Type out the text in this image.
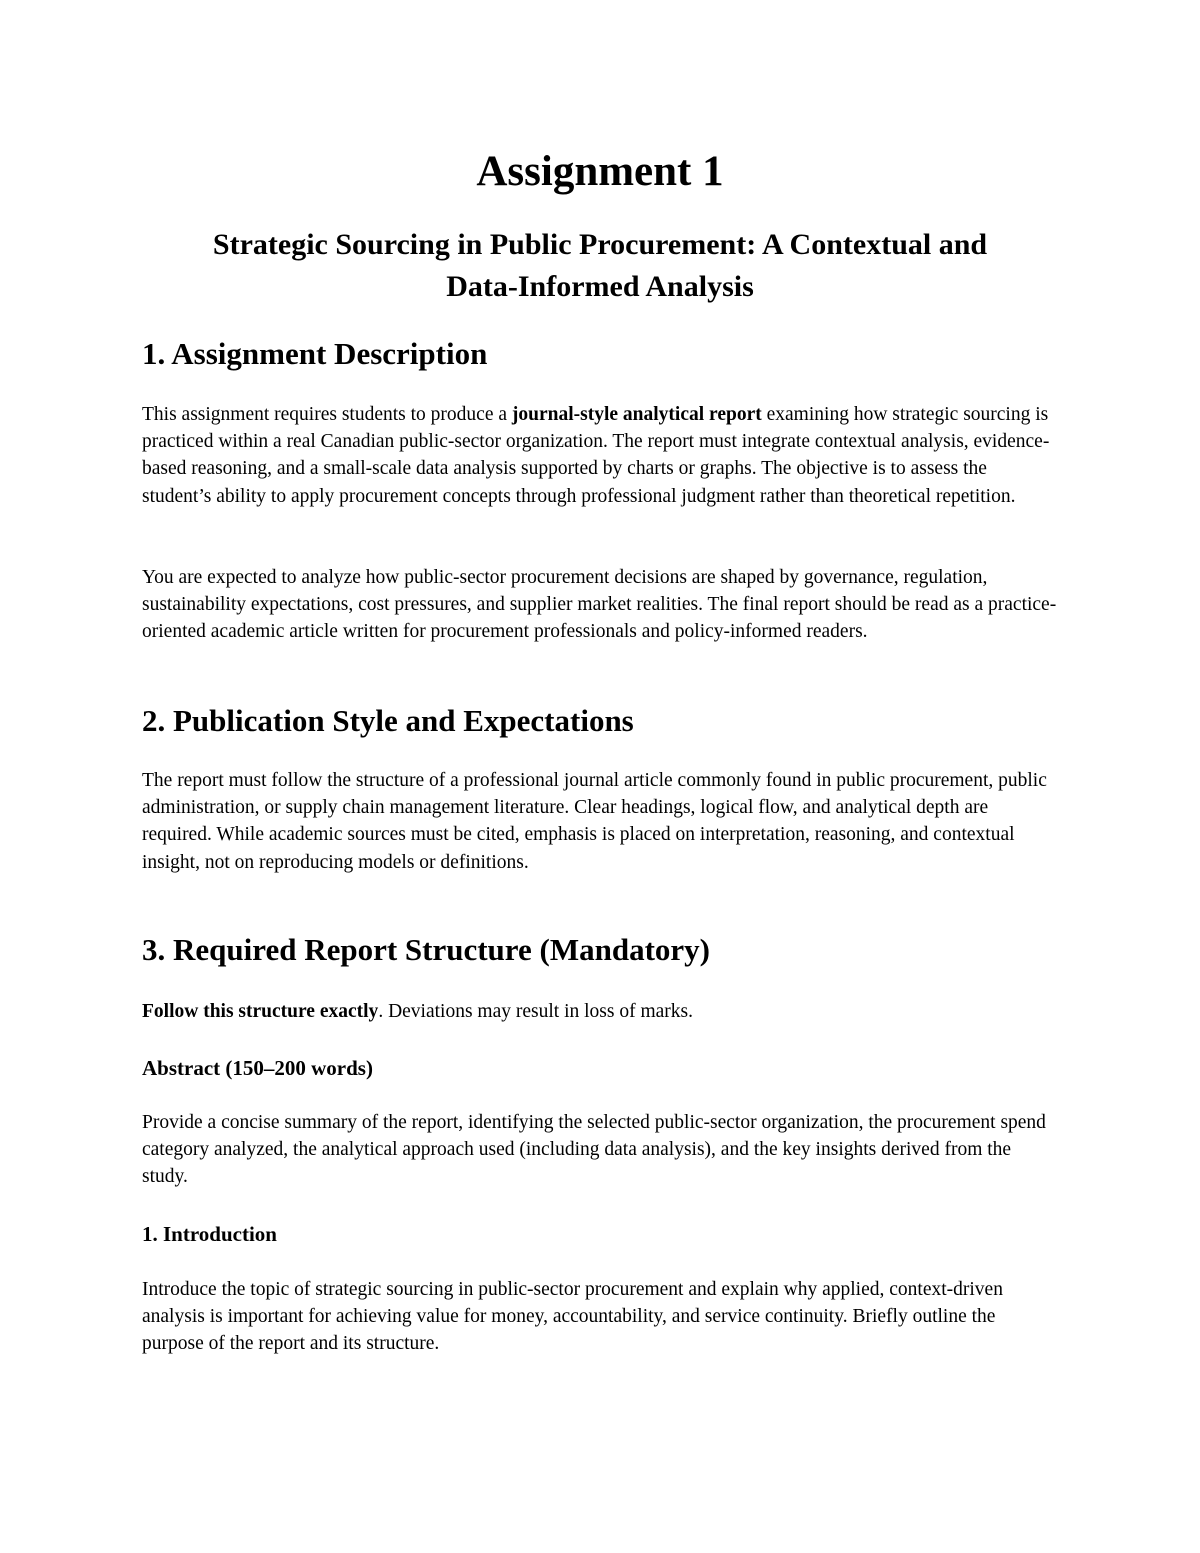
Assignment 1
Strategic Sourcing in Public Procurement: A Contextual and
Data-Informed Analysis
1. Assignment Description

This assignment requires students to produce a journal-style analytical report examining how strategic sourcing is practiced within a real Canadian public-sector organization. The report must integrate contextual analysis, evidence-based reasoning, and a small-scale data analysis supported by charts or graphs. The objective is to assess the student’s ability to apply procurement concepts through professional judgment rather than theoretical repetition.

You are expected to analyze how public-sector procurement decisions are shaped by governance, regulation, sustainability expectations, cost pressures, and supplier market realities. The final report should be read as a practice-oriented academic article written for procurement professionals and policy-informed readers.

2. Publication Style and Expectations

The report must follow the structure of a professional journal article commonly found in public procurement, public administration, or supply chain management literature. Clear headings, logical flow, and analytical depth are required. While academic sources must be cited, emphasis is placed on interpretation, reasoning, and contextual insight, not on reproducing models or definitions.

3. Required Report Structure (Mandatory)

Follow this structure exactly. Deviations may result in loss of marks.

Abstract (150–200 words)

Provide a concise summary of the report, identifying the selected public-sector organization, the procurement spend category analyzed, the analytical approach used (including data analysis), and the key insights derived from the study.

1. Introduction

Introduce the topic of strategic sourcing in public-sector procurement and explain why applied, context-driven analysis is important for achieving value for money, accountability, and service continuity. Briefly outline the purpose of the report and its structure.
